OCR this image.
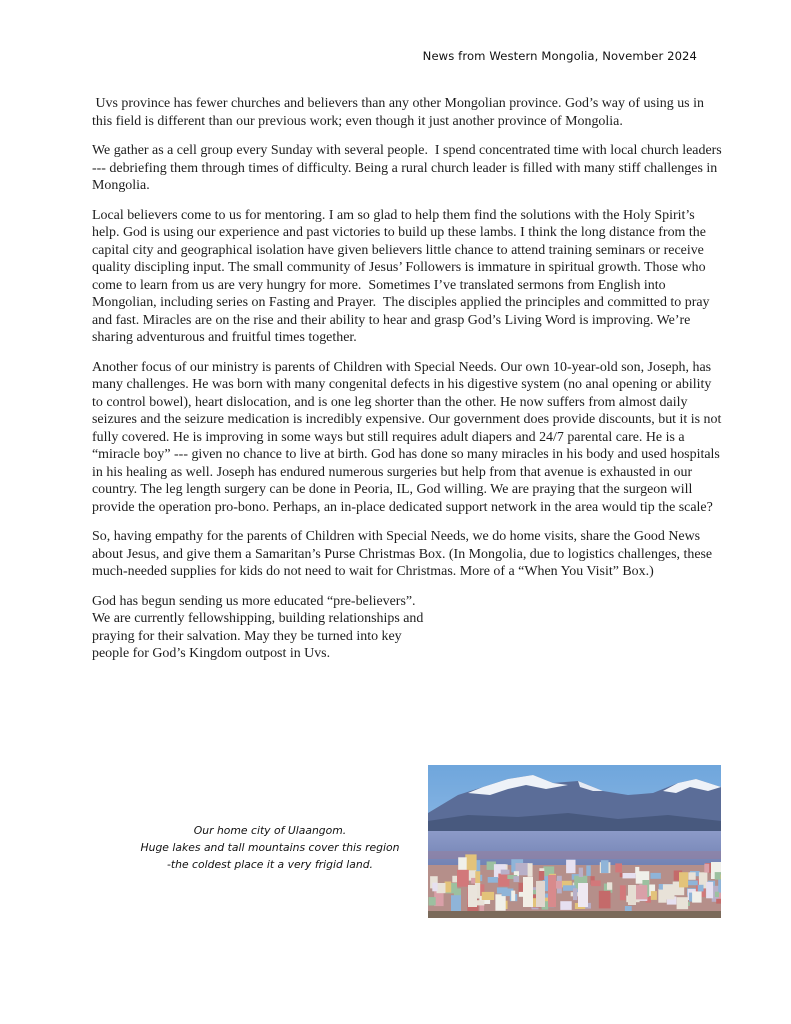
News from Western Mongolia, November 2024

Uvs province has fewer churches and believers than any other Mongolian province. God’s way of using us in this field is different than our previous work; even though it just another province of Mongolia.

We gather as a cell group every Sunday with several people.  I spend concentrated time with local church leaders --- debriefing them through times of difficulty. Being a rural church leader is filled with many stiff challenges in Mongolia.

Local believers come to us for mentoring. I am so glad to help them find the solutions with the Holy Spirit’s help. God is using our experience and past victories to build up these lambs. I think the long distance from the capital city and geographical isolation have given believers little chance to attend training seminars or receive quality discipling input. The small community of Jesus’ Followers is immature in spiritual growth. Those who come to learn from us are very hungry for more.  Sometimes I’ve translated sermons from English into Mongolian, including series on Fasting and Prayer.  The disciples applied the principles and committed to pray and fast. Miracles are on the rise and their ability to hear and grasp God’s Living Word is improving. We’re sharing adventurous and fruitful times together.

Another focus of our ministry is parents of Children with Special Needs. Our own 10-year-old son, Joseph, has many challenges. He was born with many congenital defects in his digestive system (no anal opening or ability to control bowel), heart dislocation, and is one leg shorter than the other. He now suffers from almost daily seizures and the seizure medication is incredibly expensive. Our government does provide discounts, but it is not fully covered. He is improving in some ways but still requires adult diapers and 24/7 parental care. He is a “miracle boy” --- given no chance to live at birth. God has done so many miracles in his body and used hospitals in his healing as well. Joseph has endured numerous surgeries but help from that avenue is exhausted in our country. The leg length surgery can be done in Peoria, IL, God willing. We are praying that the surgeon will provide the operation pro-bono. Perhaps, an in-place dedicated support network in the area would tip the scale?

So, having empathy for the parents of Children with Special Needs, we do home visits, share the Good News about Jesus, and give them a Samaritan’s Purse Christmas Box. (In Mongolia, due to logistics challenges, these much-needed supplies for kids do not need to wait for Christmas. More of a “When You Visit” Box.)

God has begun sending us more educated “pre-believers”. We are currently fellowshipping, building relationships and praying for their salvation. May they be turned into key people for God’s Kingdom outpost in Uvs.

Our home city of Ulaangom.
Huge lakes and tall mountains cover this region
-the coldest place it a very frigid land.
